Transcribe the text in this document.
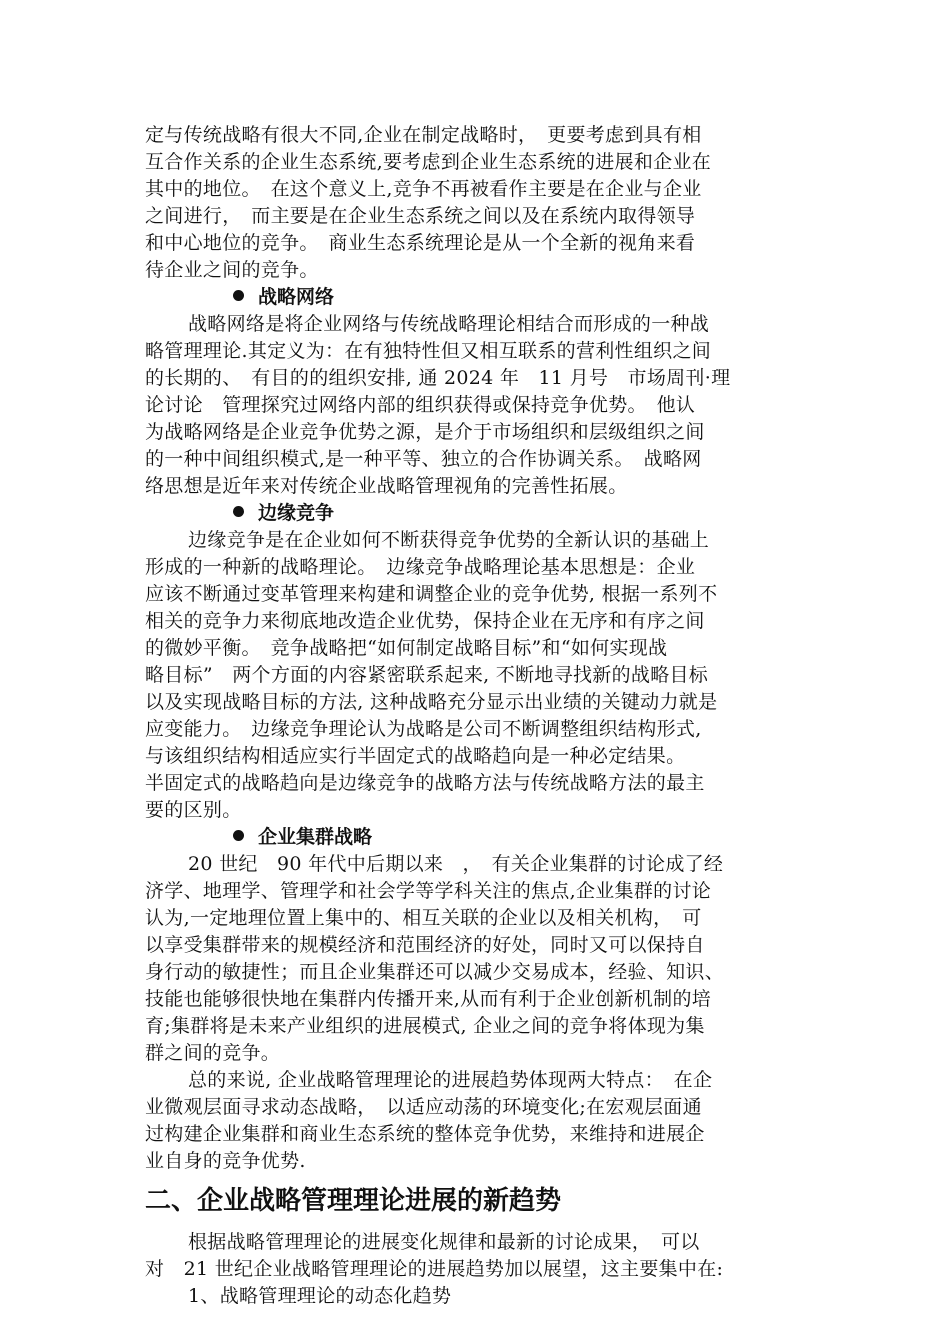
定与传统战略有很大不同,企业在制定战略时，　更要考虑到具有相

互合作关系的企业生态系统,要考虑到企业生态系统的进展和企业在

其中的地位。　在这个意义上,竞争不再被看作主要是在企业与企业

之间进行，　而主要是在企业生态系统之间以及在系统内取得领导

和中心地位的竞争。　商业生态系统理论是从一个全新的视角来看

待企业之间的竞争。

战略网络

战略网络是将企业网络与传统战略理论相结合而形成的一种战

略管理理论.其定义为：在有独特性但又相互联系的营利性组织之间

的长期的、　有目的的组织安排, 通 2024 年　11 月号　市场周刊·理

论讨论　管理探究过网络内部的组织获得或保持竞争优势。　他认

为战略网络是企业竞争优势之源，是介于市场组织和层级组织之间

的一种中间组织模式,是一种平等、独立的合作协调关系。　战略网

络思想是近年来对传统企业战略管理视角的完善性拓展。

边缘竞争

边缘竞争是在企业如何不断获得竞争优势的全新认识的基础上

形成的一种新的战略理论。　边缘竞争战略理论基本思想是：企业

应该不断通过变革管理来构建和调整企业的竞争优势, 根据一系列不

相关的竞争力来彻底地改造企业优势，保持企业在无序和有序之间

的微妙平衡。　竞争战略把“如何制定战略目标”和“如何实现战

略目标”　两个方面的内容紧密联系起来, 不断地寻找新的战略目标

以及实现战略目标的方法, 这种战略充分显示出业绩的关键动力就是

应变能力。　边缘竞争理论认为战略是公司不断调整组织结构形式,

与该组织结构相适应实行半固定式的战略趋向是一种必定结果。

半固定式的战略趋向是边缘竞争的战略方法与传统战略方法的最主

要的区别。

企业集群战略

20 世纪　90 年代中后期以来　，　有关企业集群的讨论成了经

济学、地理学、管理学和社会学等学科关注的焦点,企业集群的讨论

认为,一定地理位置上集中的、相互关联的企业以及相关机构，　可

以享受集群带来的规模经济和范围经济的好处，同时又可以保持自

身行动的敏捷性；而且企业集群还可以减少交易成本，经验、知识、

技能也能够很快地在集群内传播开来,从而有利于企业创新机制的培

育;集群将是未来产业组织的进展模式, 企业之间的竞争将体现为集

群之间的竞争。

总的来说, 企业战略管理理论的进展趋势体现两大特点：　在企

业微观层面寻求动态战略，　以适应动荡的环境变化;在宏观层面通

过构建企业集群和商业生态系统的整体竞争优势，来维持和进展企

业自身的竞争优势.

二、企业战略管理理论进展的新趋势

根据战略管理理论的进展变化规律和最新的讨论成果，　可以

对　21 世纪企业战略管理理论的进展趋势加以展望，这主要集中在:

1、战略管理理论的动态化趋势
